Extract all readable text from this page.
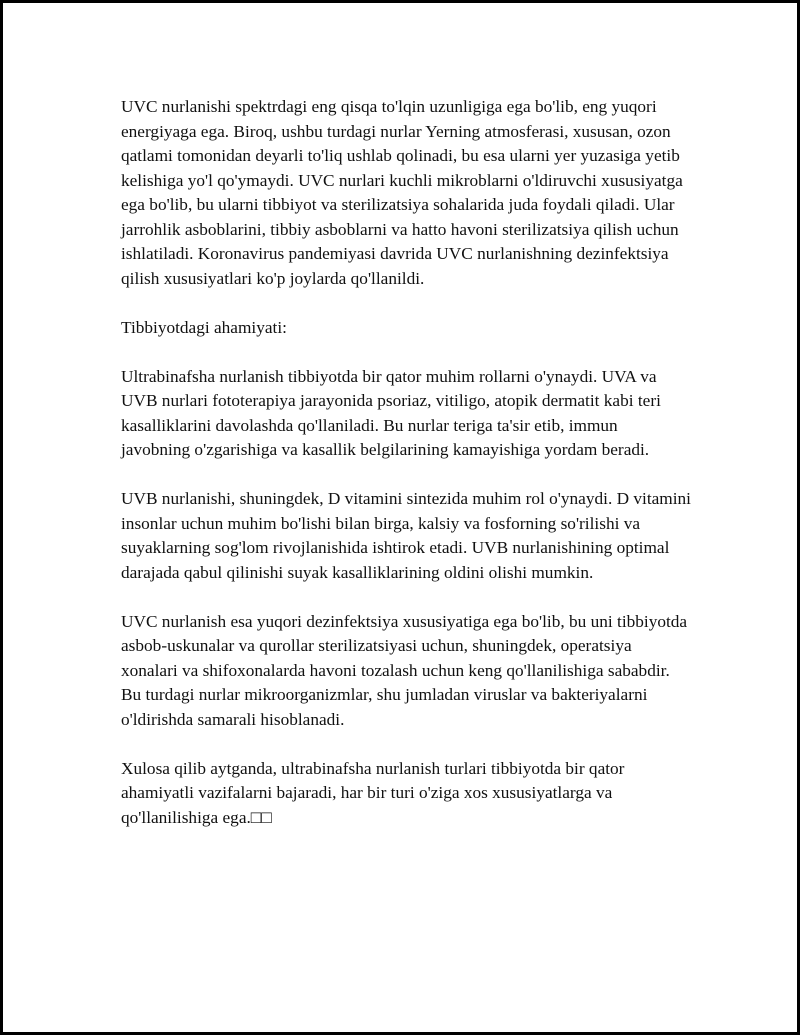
UVC nurlanishi spektrdagi eng qisqa to'lqin uzunligiga ega bo'lib, eng yuqori energiyaga ega. Biroq, ushbu turdagi nurlar Yerning atmosferasi, xususan, ozon qatlami tomonidan deyarli to'liq ushlab qolinadi, bu esa ularni yer yuzasiga yetib kelishiga yo'l qo'ymaydi. UVC nurlari kuchli mikroblarni o'ldiruvchi xususiyatga ega bo'lib, bu ularni tibbiyot va sterilizatsiya sohalarida juda foydali qiladi. Ular jarrohlik asboblarini, tibbiy asboblarni va hatto havoni sterilizatsiya qilish uchun ishlatiladi. Koronavirus pandemiyasi davrida UVC nurlanishning dezinfektsiya qilish xususiyatlari ko'p joylarda qo'llanildi.

Tibbiyotdagi ahamiyati:

Ultrabinafsha nurlanish tibbiyotda bir qator muhim rollarni o'ynaydi. UVA va UVB nurlari fototerapiya jarayonida psoriaz, vitiligo, atopik dermatit kabi teri kasalliklarini davolashda qo'llaniladi. Bu nurlar teriga ta'sir etib, immun javobning o'zgarishiga va kasallik belgilarining kamayishiga yordam beradi.

UVB nurlanishi, shuningdek, D vitamini sintezida muhim rol o'ynaydi. D vitamini insonlar uchun muhim bo'lishi bilan birga, kalsiy va fosforning so'rilishi va suyaklarning sog'lom rivojlanishida ishtirok etadi. UVB nurlanishining optimal darajada qabul qilinishi suyak kasalliklarining oldini olishi mumkin.

UVC nurlanish esa yuqori dezinfektsiya xususiyatiga ega bo'lib, bu uni tibbiyotda asbob-uskunalar va qurollar sterilizatsiyasi uchun, shuningdek, operatsiya xonalari va shifoxonalarda havoni tozalash uchun keng qo'llanilishiga sababdir. Bu turdagi nurlar mikroorganizmlar, shu jumladan viruslar va bakteriyalarni o'ldirishda samarali hisoblanadi.

Xulosa qilib aytganda, ultrabinafsha nurlanish turlari tibbiyotda bir qator ahamiyatli vazifalarni bajaradi, har bir turi o'ziga xos xususiyatlarga va qo'llanilishiga ega.□□
